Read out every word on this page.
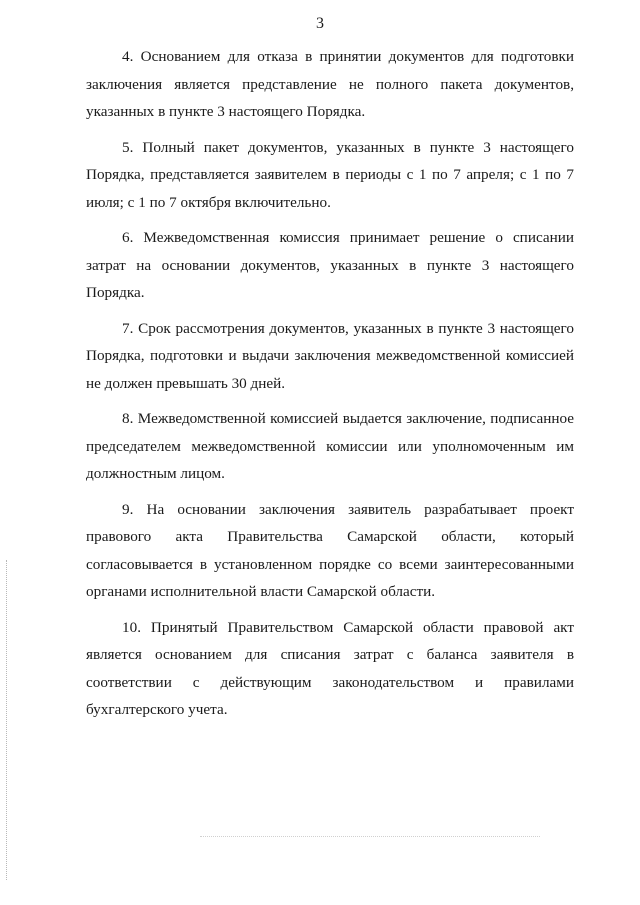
3

4. Основанием для отказа в принятии документов для подготовки заключения является представление не полного пакета документов, указанных в пункте 3 настоящего Порядка.

5. Полный пакет документов, указанных в пункте 3 настоящего Порядка, представляется заявителем в периоды с 1 по 7 апреля; с 1 по 7 июля; с 1 по 7 октября включительно.

6. Межведомственная комиссия принимает решение о списании затрат на основании документов, указанных в пункте 3 настоящего Порядка.

7. Срок рассмотрения документов, указанных в пункте 3 настоящего Порядка, подготовки и выдачи заключения межведомственной комиссией не должен превышать 30 дней.

8. Межведомственной комиссией выдается заключение, подписанное председателем межведомственной комиссии или уполномоченным им должностным лицом.

9. На основании заключения заявитель разрабатывает проект правового акта Правительства Самарской области, который согласовывается в установленном порядке со всеми заинтересованными органами исполнительной власти Самарской области.

10. Принятый Правительством Самарской области правовой акт является основанием для списания затрат с баланса заявителя в соответствии с действующим законодательством и правилами бухгалтерского учета.
